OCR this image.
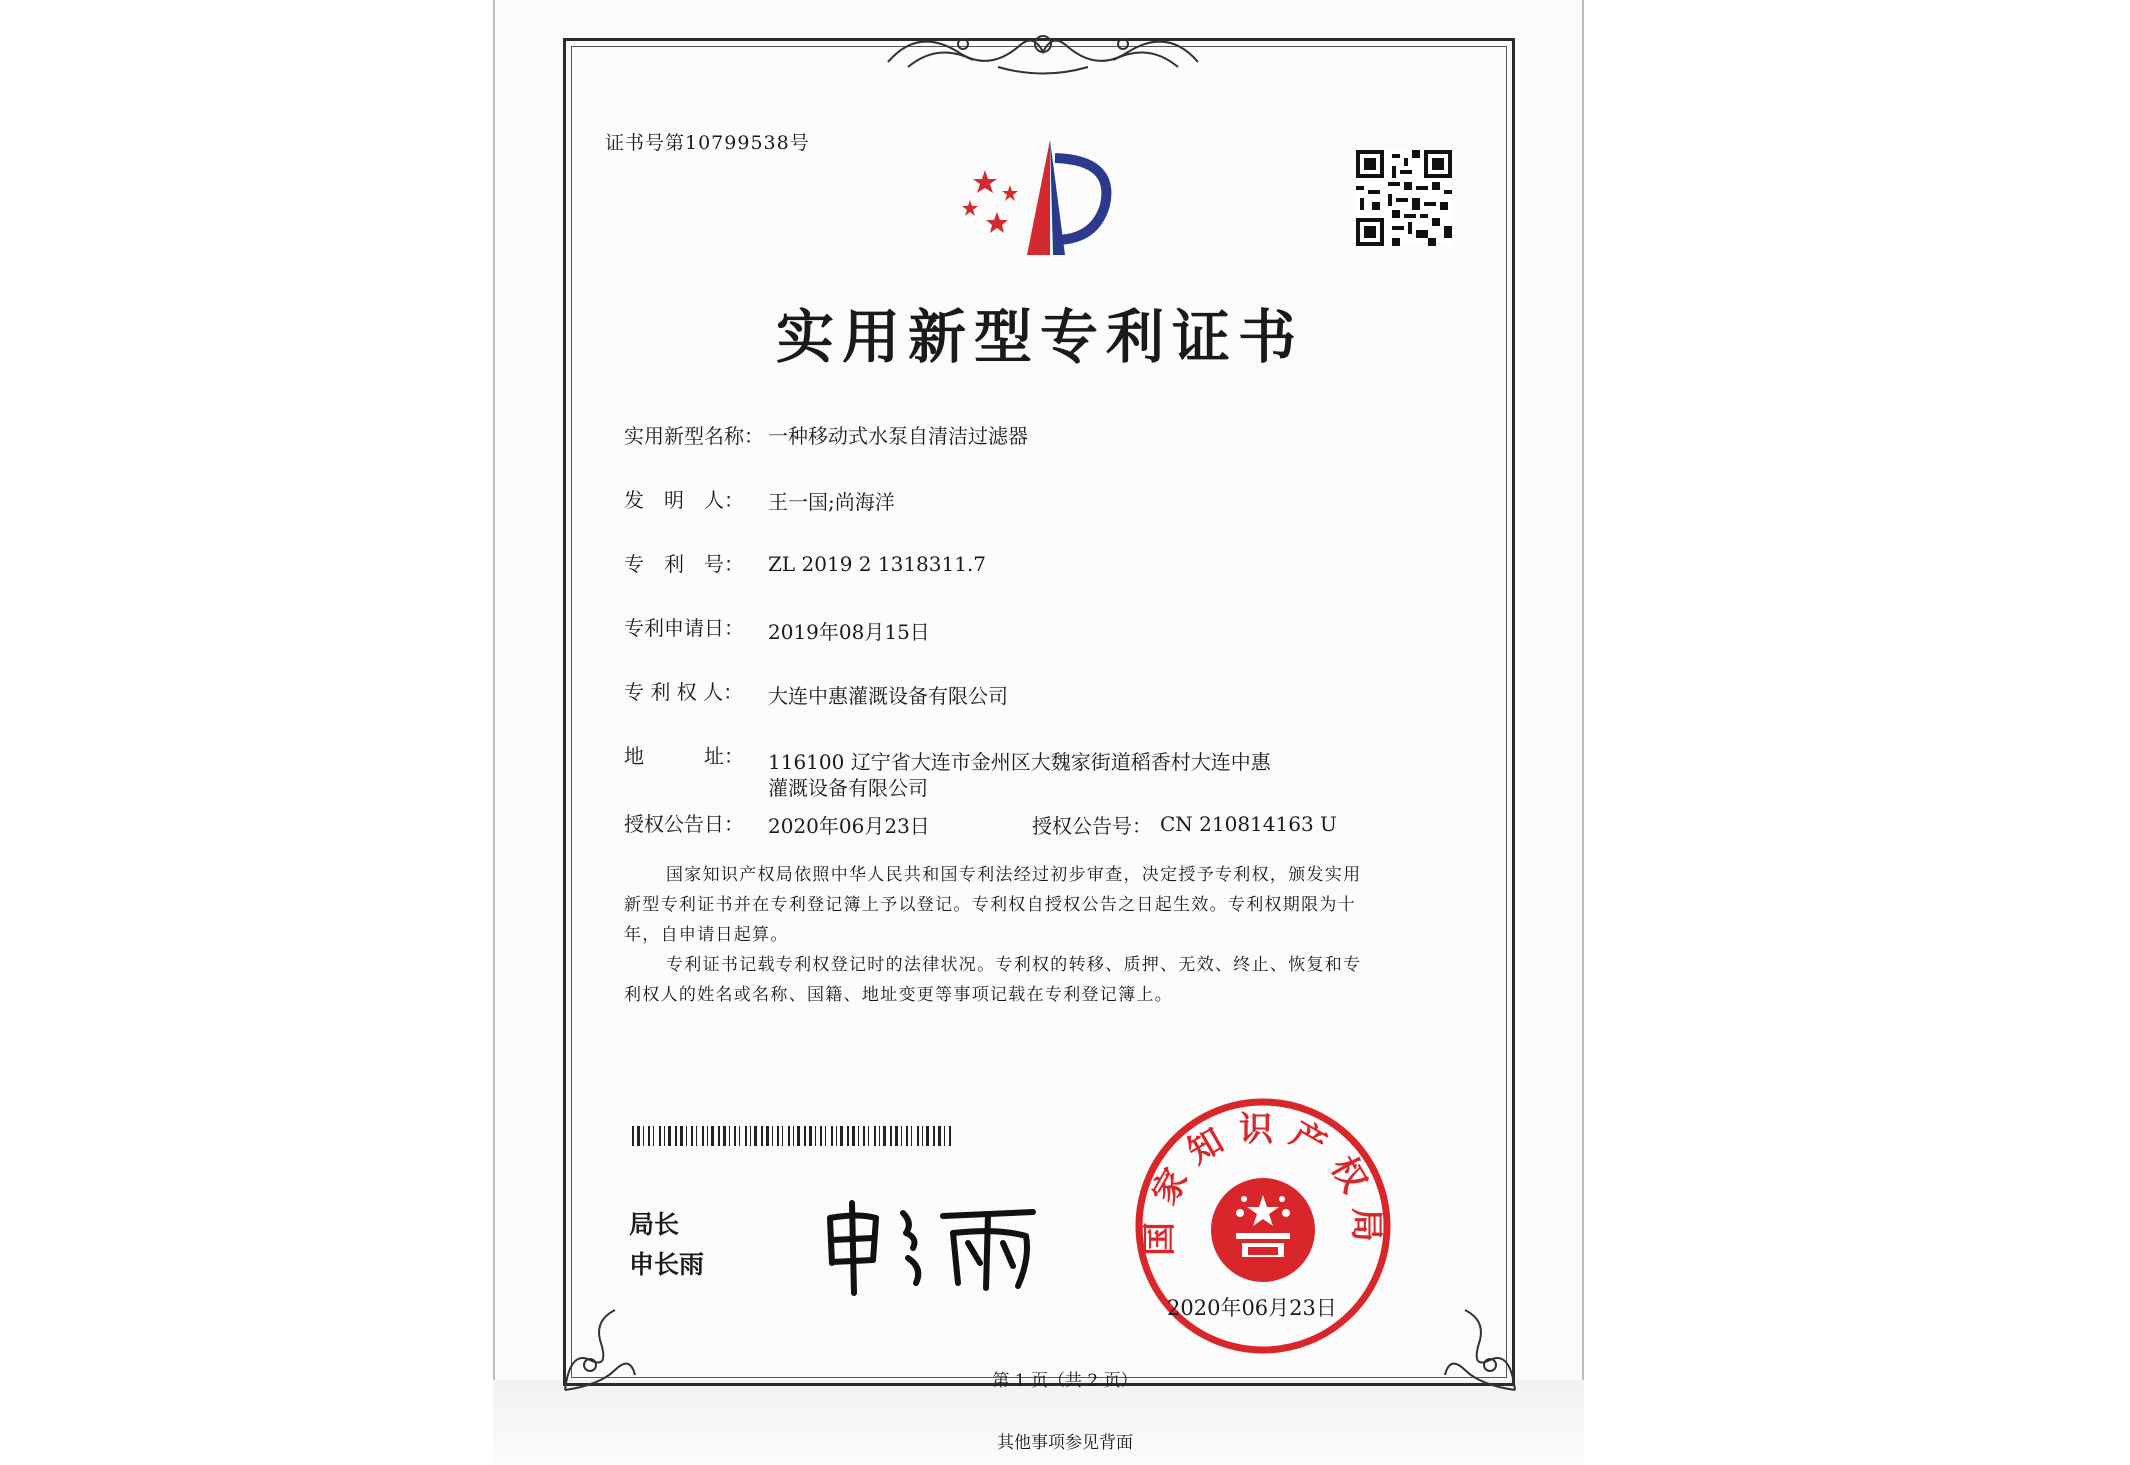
证书号第10799538号
实用新型专利证书
实用新型名称： 一种移动式水泵自清洁过滤器
发　明　人： 王一国;尚海洋
专　利　号： ZL 2019 2 1318311.7
专利申请日： 2019年08月15日
专 利 权 人： 大连中惠灌溉设备有限公司
地　　　址： 116100 辽宁省大连市金州区大魏家街道稻香村大连中惠
灌溉设备有限公司
授权公告日： 2020年06月23日	授权公告号： CN 210814163 U
国家知识产权局依照中华人民共和国专利法经过初步审查，决定授予专利权，颁发实用
新型专利证书并在专利登记簿上予以登记。专利权自授权公告之日起生效。专利权期限为十
年，自申请日起算。
专利证书记载专利权登记时的法律状况。专利权的转移、质押、无效、终止、恢复和专
利权人的姓名或名称、国籍、地址变更等事项记载在专利登记簿上。
局长
申长雨
国家知识产权局
2020年06月23日
第 1 页（共 2 页）
其他事项参见背面
